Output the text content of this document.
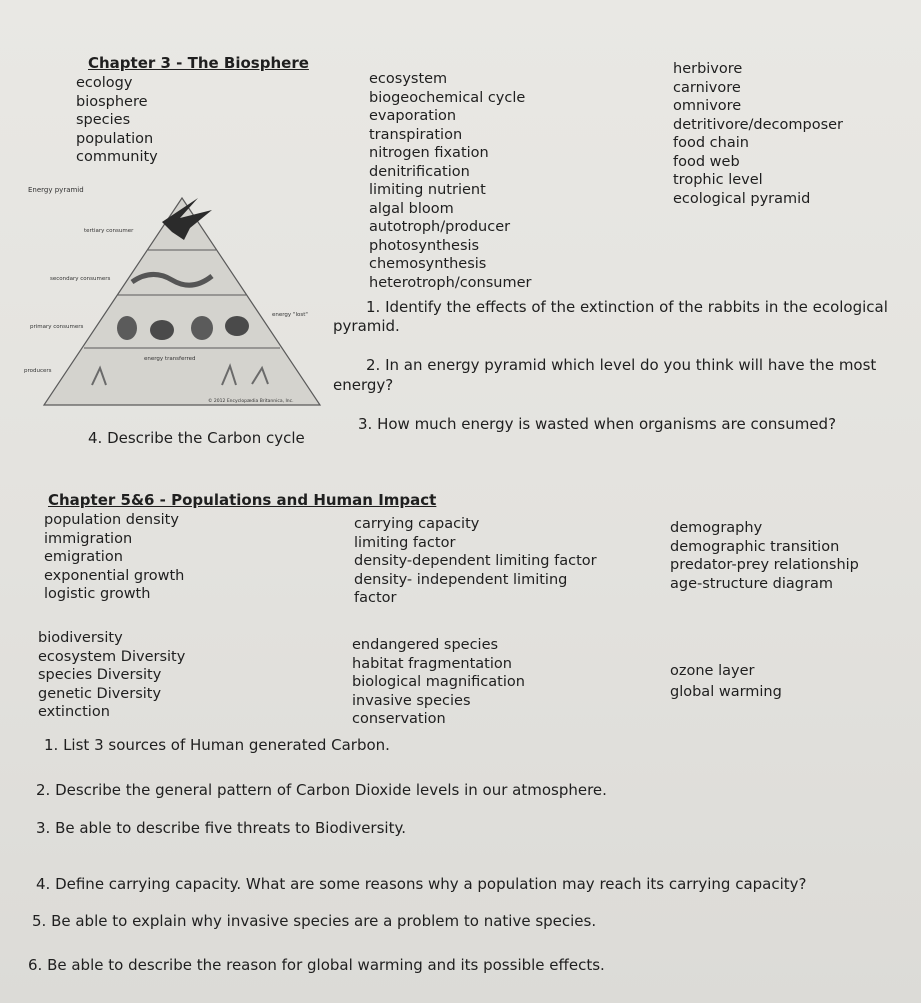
Chapter 3 - The Biosphere
ecology
biosphere
species
population
community
ecosystem
biogeochemical cycle
evaporation
transpiration
nitrogen fixation
denitrification
limiting nutrient
algal bloom
autotroph/producer
photosynthesis
chemosynthesis
heterotroph/consumer
herbivore
carnivore
omnivore
detritivore/decomposer
food chain
food web
trophic level
ecological pyramid
Energy pyramid
tertiary consumer
secondary consumers
primary consumers
producers
energy "lost"
energy transferred
© 2012 Encyclopædia Britannica, Inc.
1. Identify the effects of the extinction of the rabbits in the ecological
pyramid.
2. In an energy pyramid which level do you think will have the most
energy?
3. How much energy is wasted when organisms are consumed?
4. Describe the Carbon cycle
Chapter 5&6 - Populations and Human Impact
population density
immigration
emigration
exponential growth
logistic growth
carrying capacity
limiting factor
density-dependent limiting factor
density- independent limiting
factor
demography
demographic transition
predator-prey relationship
age-structure diagram
biodiversity
ecosystem Diversity
species Diversity
genetic Diversity
extinction
endangered species
habitat fragmentation
biological magnification
invasive species
conservation
ozone layer
global warming
1. List 3 sources of Human generated Carbon.
2. Describe the general pattern of Carbon Dioxide levels in our atmosphere.
3. Be able to describe five threats to Biodiversity.
4. Define carrying capacity. What are some reasons why a population may reach its carrying capacity?
5. Be able to explain why invasive species are a problem to native species.
6. Be able to describe the reason for global warming and its possible effects.
